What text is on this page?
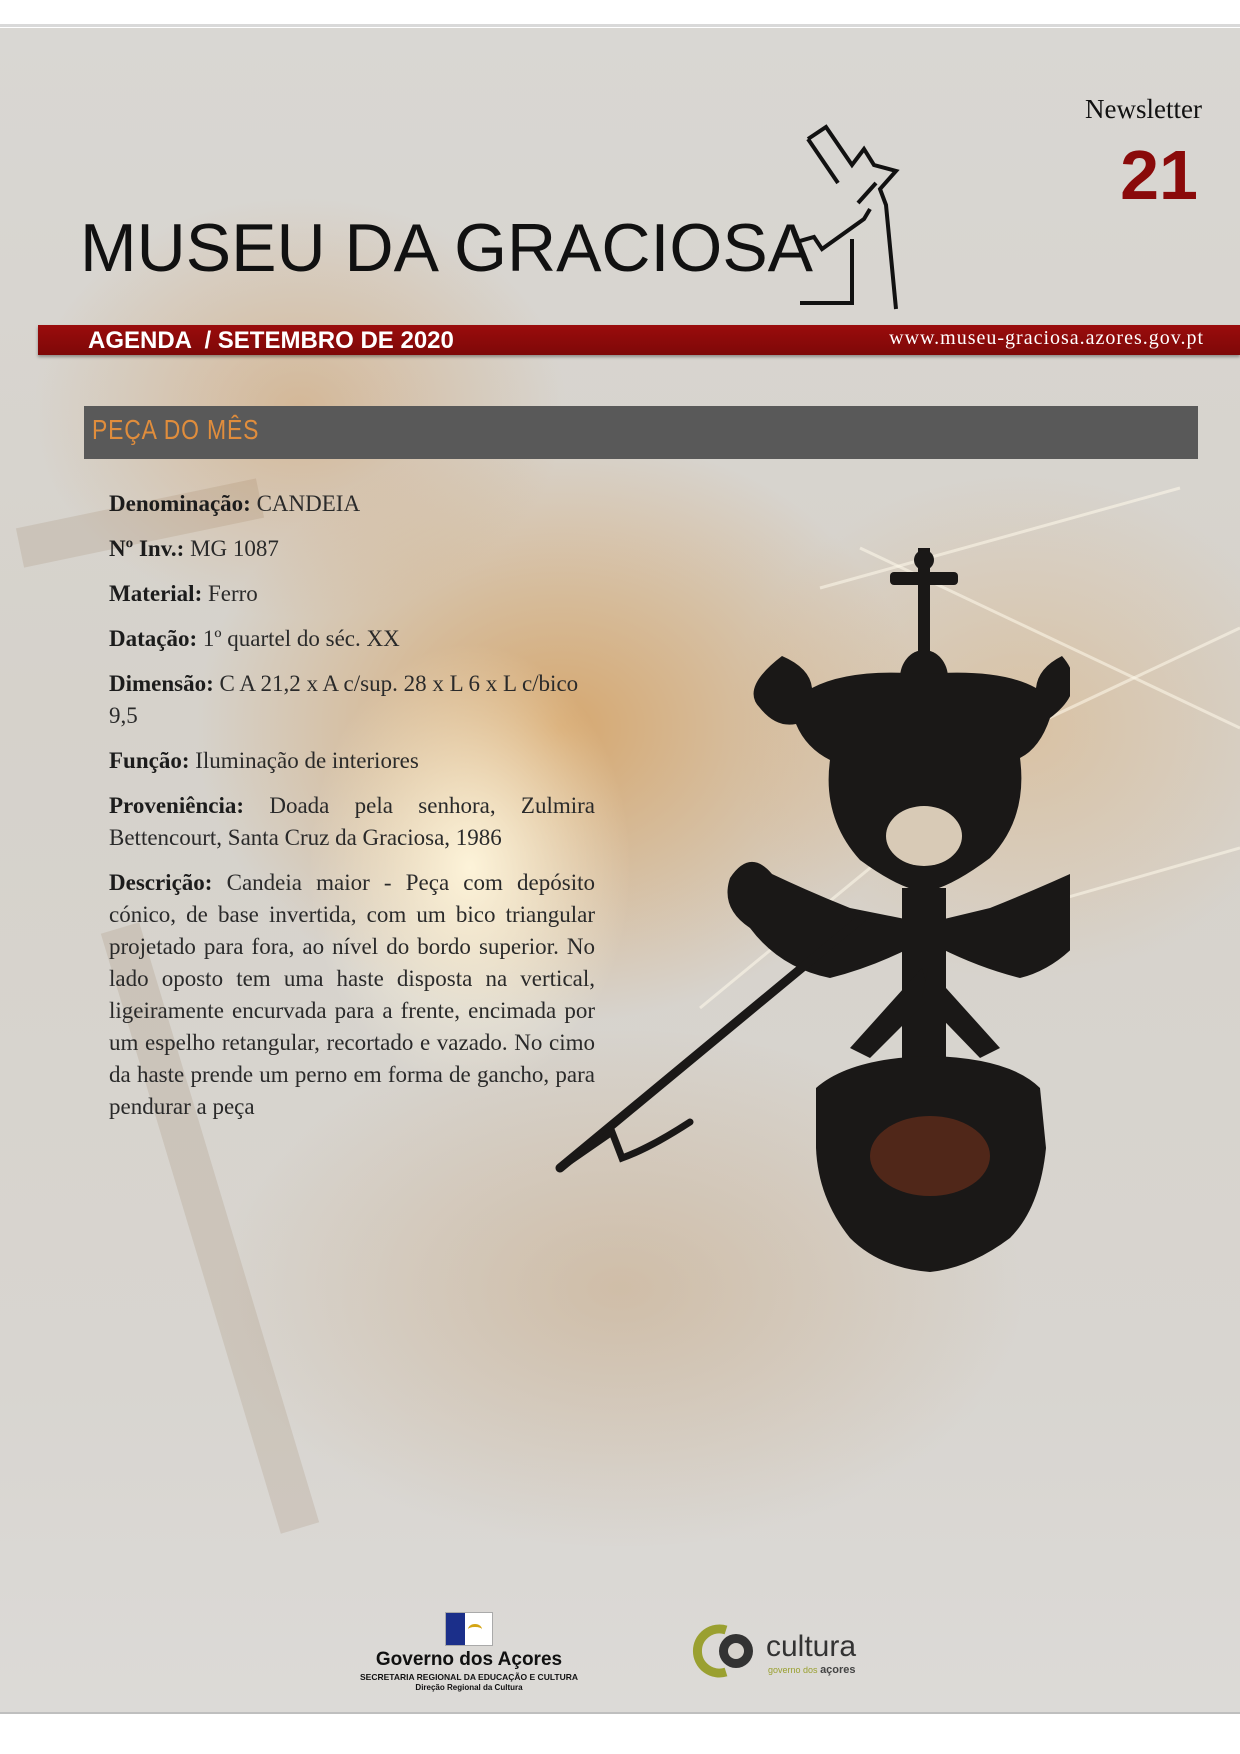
Newsletter
21
MUSEU DA GRACIOSA
AGENDA  / SETEMBRO DE 2020	www.museu-graciosa.azores.gov.pt
PEÇA DO MÊS

Denominação: CANDEIA

Nº Inv.: MG 1087

Material: Ferro

Datação: 1º quartel do séc. XX

Dimensão: C A 21,2 x A c/sup. 28 x L 6 x L c/bico 9,5

Função: Iluminação de interiores

Proveniência: Doada pela senhora, Zulmira Bettencourt, Santa Cruz da Graciosa, 1986

Descrição: Candeia maior - Peça com depósito cónico, de base invertida, com um bico triangular projetado para fora, ao nível do bordo superior. No lado oposto tem uma haste disposta na vertical, ligeiramente encurvada para a frente, encimada por um espelho retangular, recortado e vazado. No cimo da haste prende um perno em forma de gancho, para pendurar a peça

Governo dos Açores
SECRETARIA REGIONAL DA EDUCAÇÃO E CULTURA
Direção Regional da Cultura
cultura
governo dos açores
